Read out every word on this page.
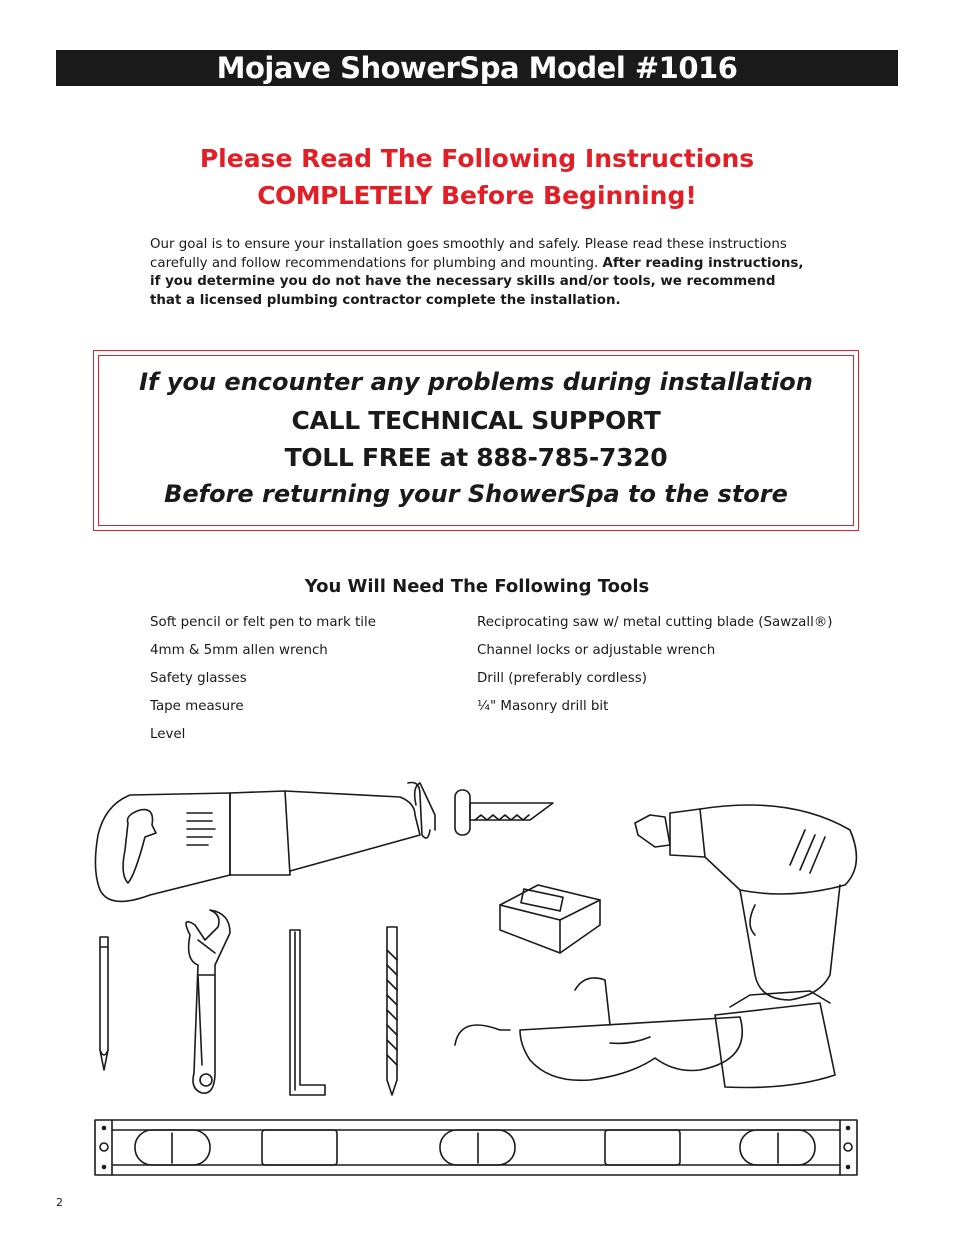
Mojave ShowerSpa Model #1016
Please Read The Following Instructions
COMPLETELY Before Beginning!
Our goal is to ensure your installation goes smoothly and safely. Please read these instructions carefully and follow recommendations for plumbing and mounting. After reading instructions, if you determine you do not have the necessary skills and/or tools, we recommend that a licensed plumbing contractor complete the installation.
If you encounter any problems during installation
CALL TECHNICAL SUPPORT
TOLL FREE at 888-785-7320
Before returning your ShowerSpa to the store
You Will Need The Following Tools
Soft pencil or felt pen to mark tile
4mm & 5mm allen wrench
Safety glasses
Tape measure
Level
Reciprocating saw w/ metal cutting blade (Sawzall®)
Channel locks or adjustable wrench
Drill (preferably cordless)
¼" Masonry drill bit
2
